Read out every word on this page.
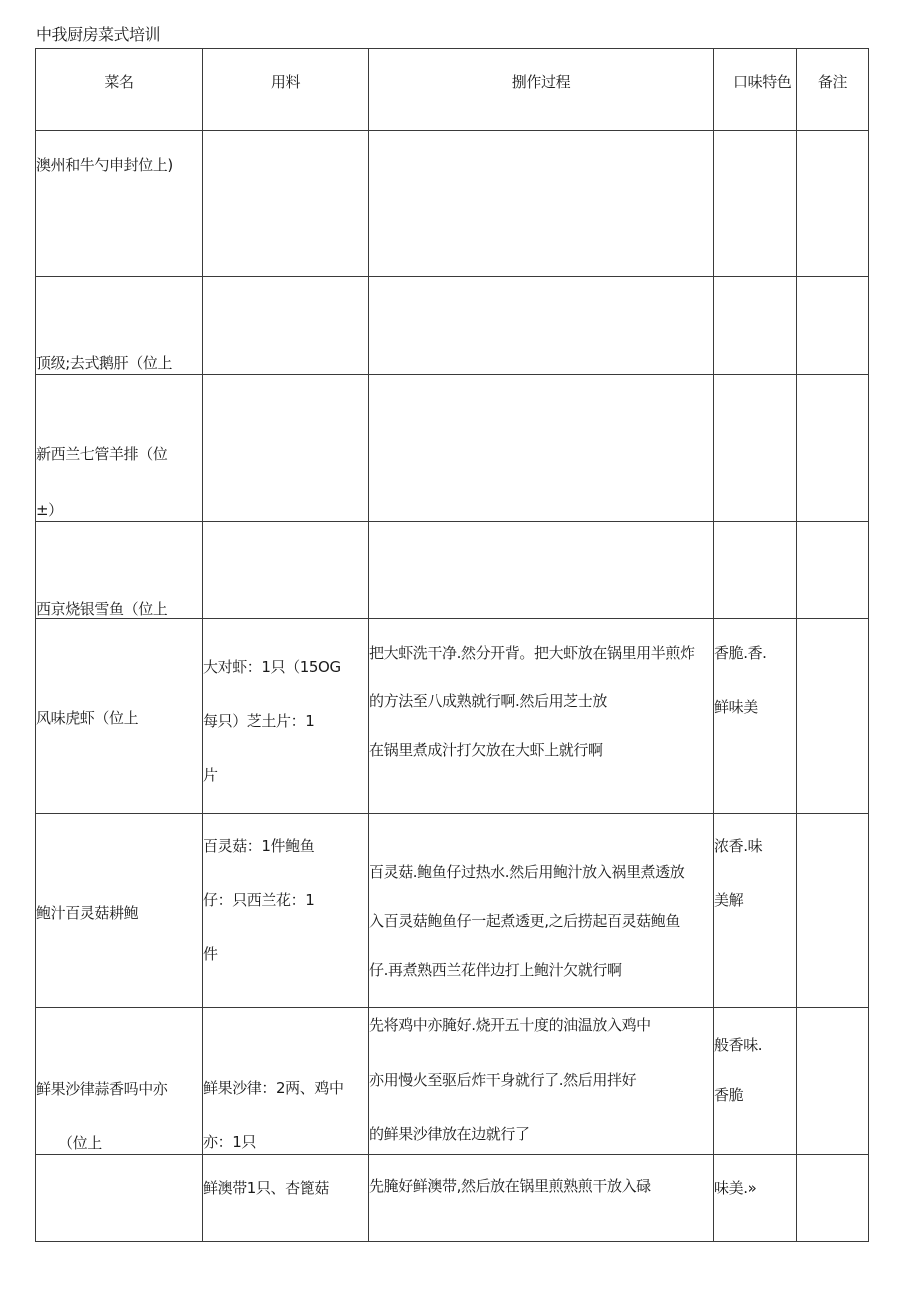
中我厨房菜式培训
菜名	用料	捌作过程	口味特色	备注

澳州和牛勺申封位上)				

顶级;去式鹅肝（位上				

新西兰七管羊排（位
±）				

西京烧银雪鱼（位上				

风味虎虾（位上	大对虾：1只（15OG
每只）芝土片：1
片	把大虾洗干净.然分开背。把大虾放在锅里用半煎炸
的方法至八成熟就行啊.然后用芝士放
在锅里煮成汁打欠放在大虾上就行啊	香脆.香.
鲜味美	

鲍汁百灵菇耕鲍	百灵菇：1件鲍鱼
仔：只西兰花：1
件	百灵菇.鲍鱼仔过热水.然后用鲍汁放入祸里煮透放
入百灵菇鲍鱼仔一起煮透更,之后捞起百灵菇鲍鱼
仔.再煮熟西兰花伴边打上鲍汁欠就行啊	浓香.味
美解	

鲜果沙律蒜香吗中亦
（位上	鲜果沙律：2两、鸡中
亦：1只	先将鸡中亦腌好.烧开五十度的油温放入鸡中
亦用慢火至驱后炸干身就行了.然后用拌好
的鲜果沙律放在边就行了	般香味.
香脆	

	鲜澳带1只、杏篦菇	先腌好鲜澳带,然后放在锅里煎熟煎干放入碌	味美.»	
